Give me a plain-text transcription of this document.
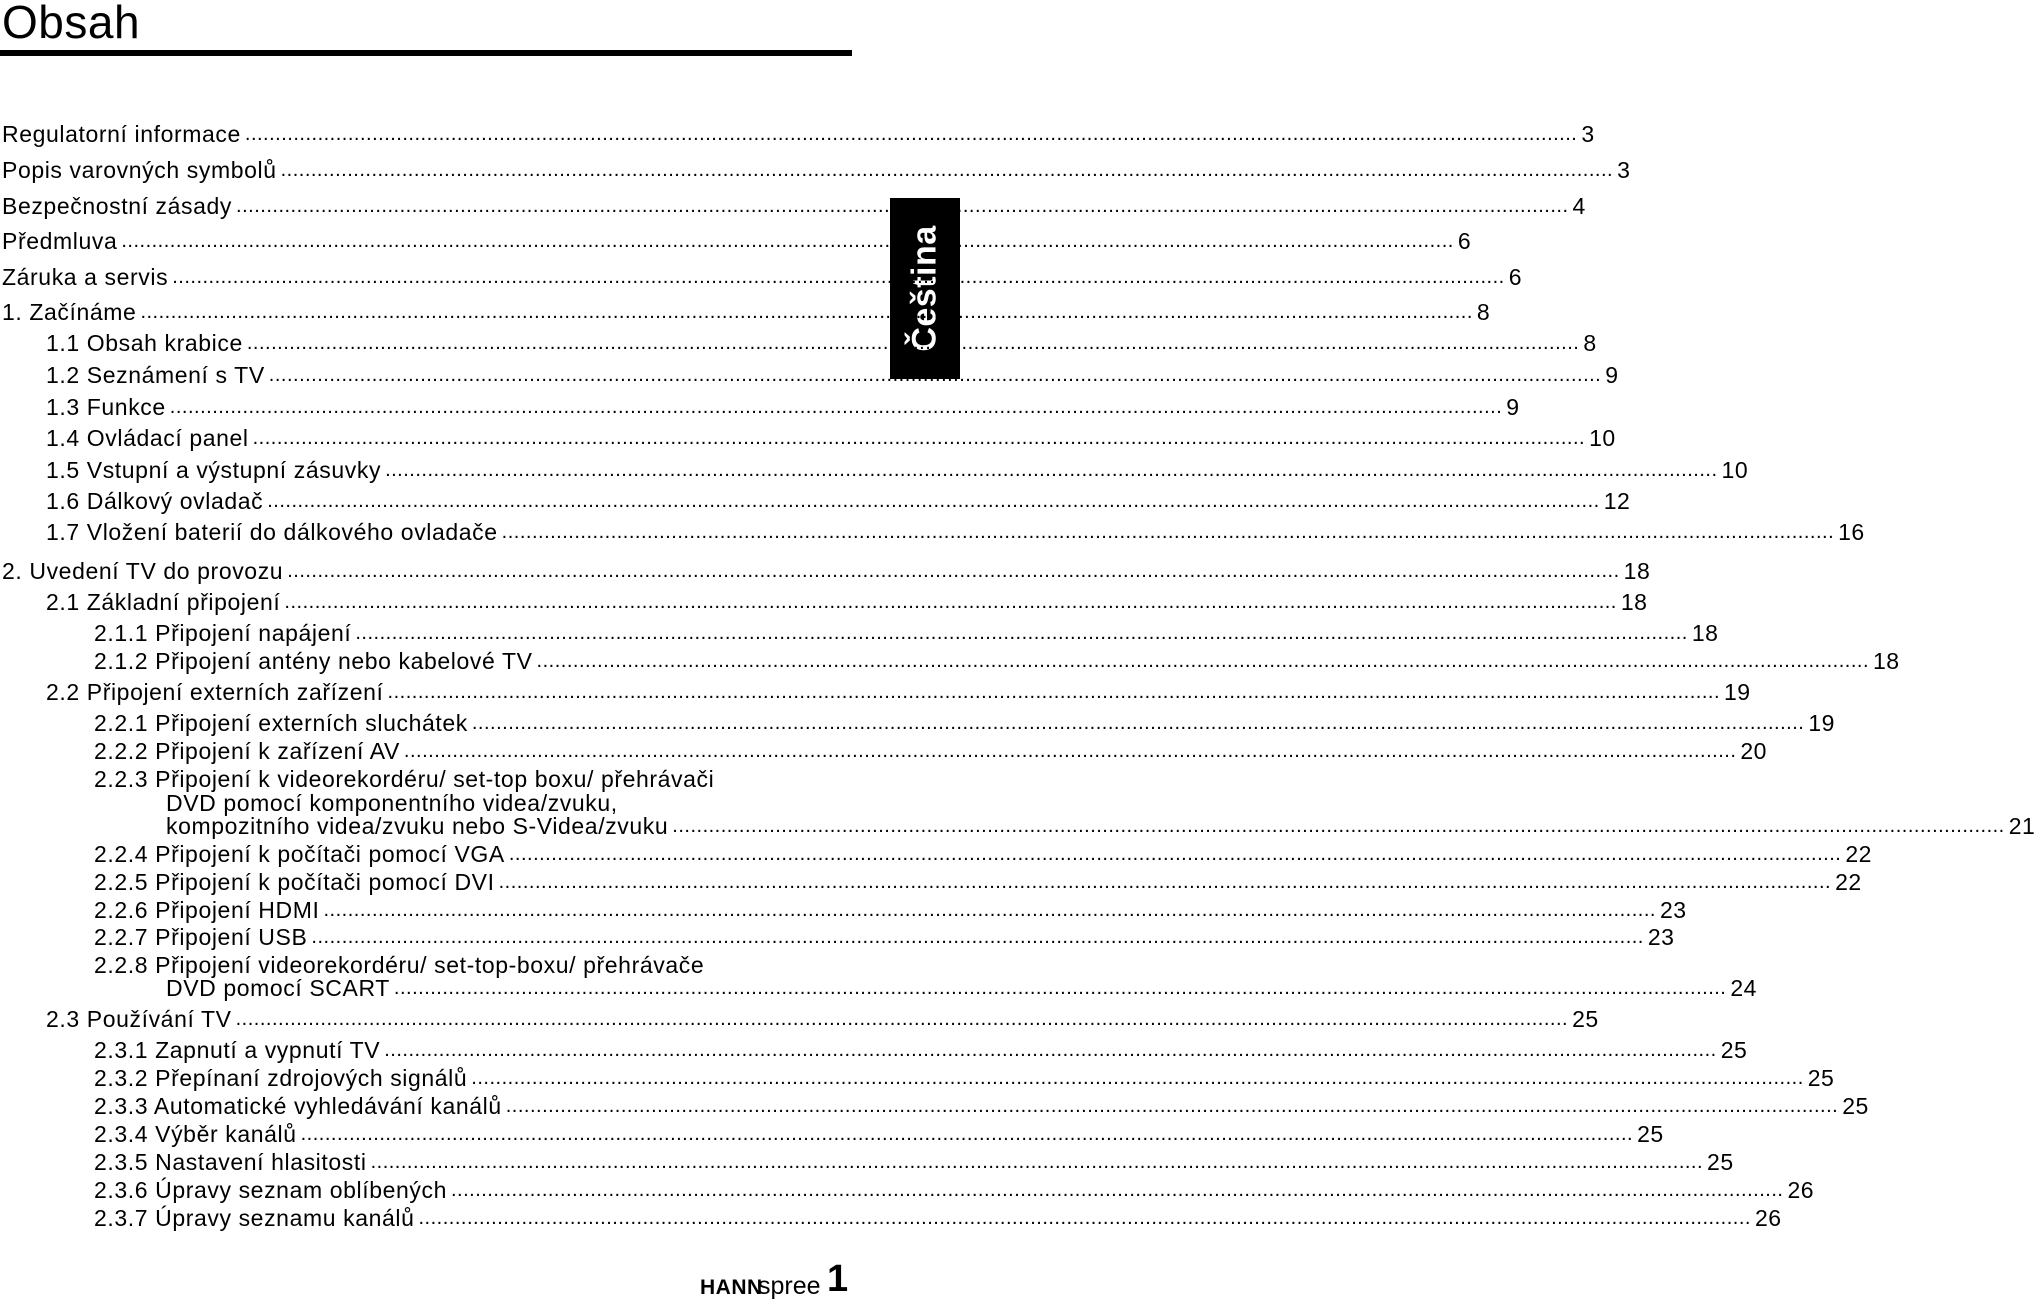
Obsah
Čeština
Regulatorní informace ............................................................................................................................................................................................................................ 3
Popis varovných symbolů ............................................................................................................................................................................................................................ 3
Bezpečnostní zásady ............................................................................................................................................................................................................................ 4
Předmluva ............................................................................................................................................................................................................................ 6
Záruka a servis ............................................................................................................................................................................................................................ 6
1. Začínáme ............................................................................................................................................................................................................................ 8
1.1 Obsah krabice ............................................................................................................................................................................................................................ 8
1.2 Seznámení s TV ............................................................................................................................................................................................................................ 9
1.3 Funkce ............................................................................................................................................................................................................................ 9
1.4 Ovládací panel ............................................................................................................................................................................................................................ 10
1.5 Vstupní a výstupní zásuvky ............................................................................................................................................................................................................................ 10
1.6 Dálkový ovladač ............................................................................................................................................................................................................................ 12
1.7 Vložení baterií do dálkového ovladače ............................................................................................................................................................................................................................ 16
2. Uvedení TV do provozu ............................................................................................................................................................................................................................ 18
2.1 Základní připojení ............................................................................................................................................................................................................................ 18
2.1.1 Připojení napájení ............................................................................................................................................................................................................................ 18
2.1.2 Připojení antény nebo kabelové TV ............................................................................................................................................................................................................................ 18
2.2 Připojení externích zařízení ............................................................................................................................................................................................................................ 19
2.2.1 Připojení externích sluchátek ............................................................................................................................................................................................................................ 19
2.2.2 Připojení k zařízení AV ............................................................................................................................................................................................................................ 20
2.2.3 Připojení k videorekordéru/ set-top boxu/ přehrávači
DVD pomocí komponentního videa/zvuku,
kompozitního videa/zvuku nebo S-Videa/zvuku ............................................................................................................................................................................................................................ 21
2.2.4 Připojení k počítači pomocí VGA ............................................................................................................................................................................................................................ 22
2.2.5 Připojení k počítači pomocí DVI ............................................................................................................................................................................................................................ 22
2.2.6 Připojení HDMI ............................................................................................................................................................................................................................ 23
2.2.7 Připojení USB ............................................................................................................................................................................................................................ 23
2.2.8 Připojení videorekordéru/ set-top-boxu/ přehrávače
DVD pomocí SCART ............................................................................................................................................................................................................................ 24
2.3 Používání TV ............................................................................................................................................................................................................................ 25
2.3.1 Zapnutí a vypnutí TV ............................................................................................................................................................................................................................ 25
2.3.2 Přepínaní zdrojových signálů ............................................................................................................................................................................................................................ 25
2.3.3 Automatické vyhledávání kanálů ............................................................................................................................................................................................................................ 25
2.3.4 Výběr kanálů ............................................................................................................................................................................................................................ 25
2.3.5 Nastavení hlasitosti ............................................................................................................................................................................................................................ 25
2.3.6 Úpravy seznam oblíbených ............................................................................................................................................................................................................................ 26
2.3.7 Úpravy seznamu kanálů ............................................................................................................................................................................................................................ 26
HANN
spree 1
